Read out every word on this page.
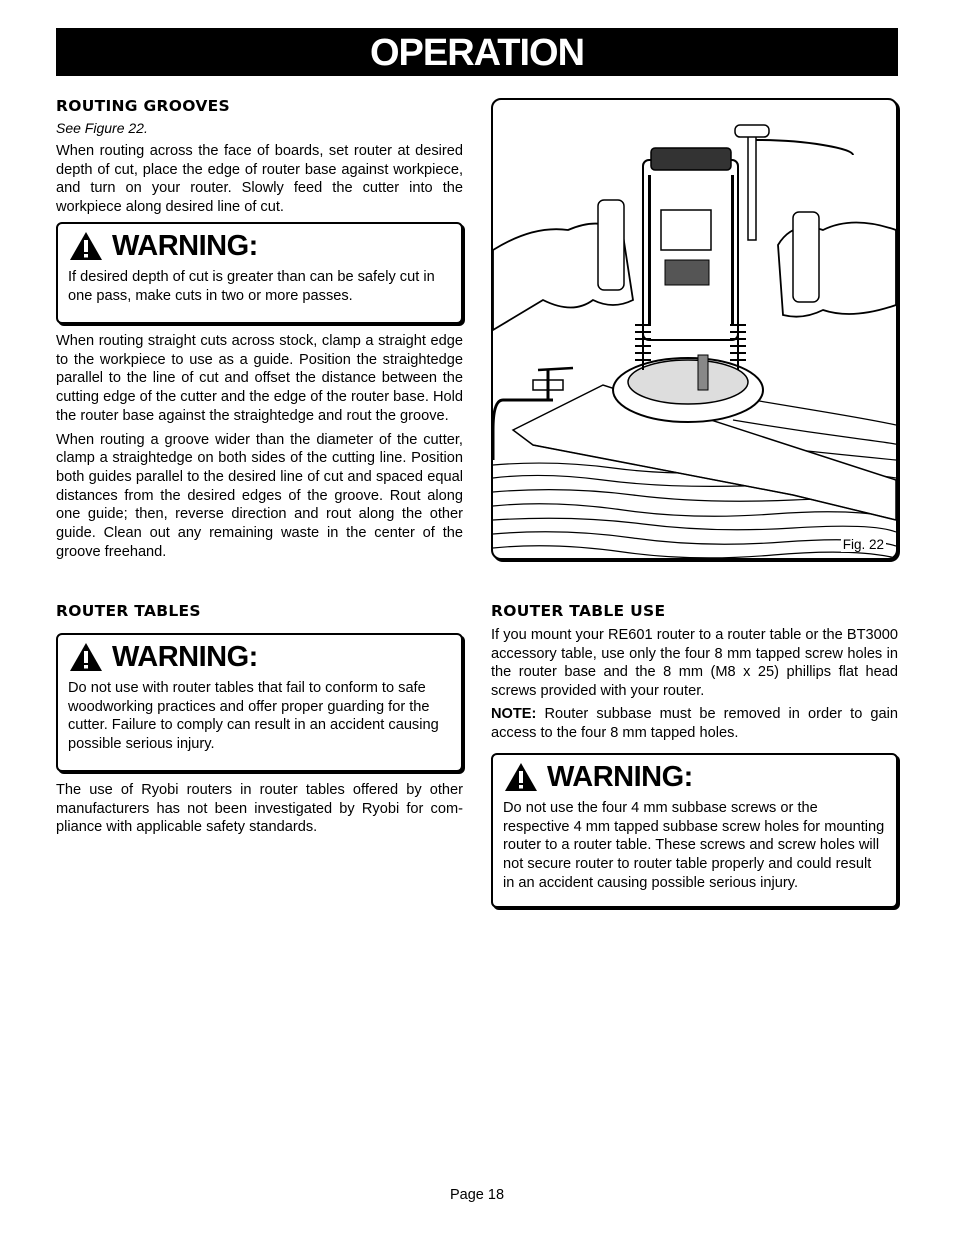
OPERATION
ROUTING GROOVES

See Figure 22.

When routing across the face of boards, set router at desired depth of cut, place the edge of router base against workpiece, and turn on your router. Slowly feed the cutter into the workpiece along desired line of cut.

WARNING:

If desired depth of cut is greater than can be safely cut in one pass, make cuts in two or more passes.

When routing straight cuts across stock, clamp a straight edge to the workpiece to use as a guide. Position the straightedge parallel to the line of cut and offset the distance between the cutting edge of the cutter and the edge of the router base. Hold the router base against the straightedge and rout the groove.

When routing a groove wider than the diameter of the cutter, clamp a straightedge on both sides of the cutting line. Position both guides parallel to the desired line of cut and spaced equal distances from the desired edges of the groove. Rout along one guide; then, reverse direction and rout along the other guide. Clean out any remaining waste in the center of the groove freehand.	Fig. 22
ROUTER TABLES
WARNING:

Do not use with router tables that fail to conform to safe woodworking practices and offer proper guarding for the cutter. Failure to comply can result in an accident causing possible serious injury.

The use of Ryobi routers in router tables offered by other manufacturers has not been investigated by Ryobi for com-pliance with applicable safety standards.

ROUTER TABLE USE

If you mount your RE601 router to a router table or the BT3000 accessory table, use only the four 8 mm tapped screw holes in the router base and the 8 mm (M8 x 25) phillips flat head screws provided with your router.

NOTE: Router subbase must be removed in order to gain access to the four 8 mm tapped holes.

WARNING:

Do not use the four 4 mm subbase screws or the respective 4 mm tapped subbase screw holes for mounting router to a router table. These screws and screw holes will not secure router to router table properly and could result in an accident causing possible serious injury.

Page 18
